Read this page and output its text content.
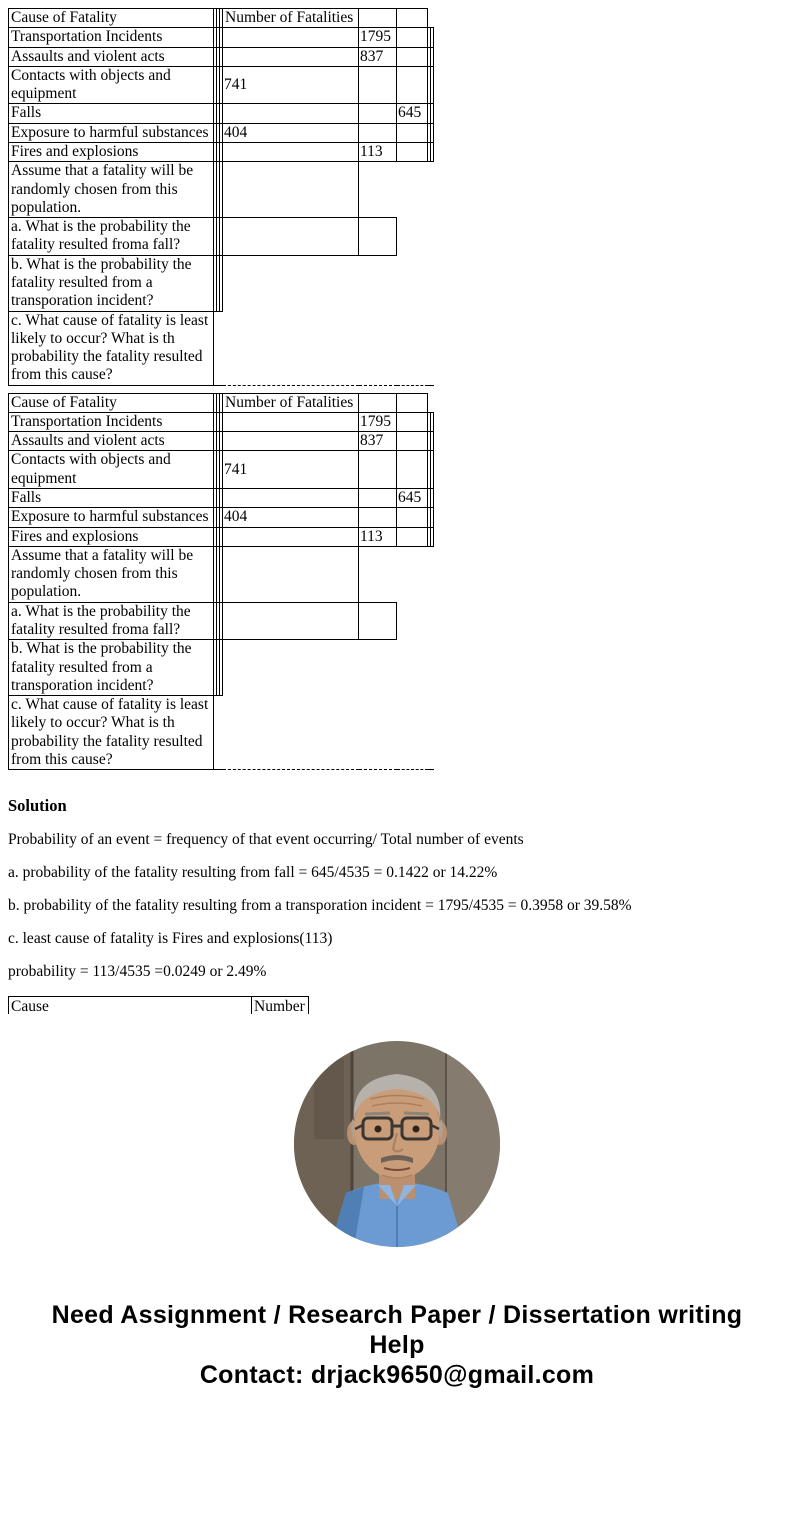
Cause of Fatality				Number of Fatalities				
Transportation Incidents					1795			
Assaults and violent acts					837			
Contacts with objects and equipment				741				
Falls						645		
Exposure to harmful substances				404				
Fires and explosions					113			
Assume that a fatality will be randomly chosen from this population.								
a. What is the probability the fatality resulted froma fall?								
b. What is the probability the fatality resulted from a transporation incident?								
c. What cause of fatality is least likely to occur? What is th probability the fatality resulted from this cause?								
Cause of Fatality				Number of Fatalities				
Transportation Incidents					1795			
Assaults and violent acts					837			
Contacts with objects and equipment				741				
Falls						645		
Exposure to harmful substances				404				
Fires and explosions					113			
Assume that a fatality will be randomly chosen from this population.								
a. What is the probability the fatality resulted froma fall?								
b. What is the probability the fatality resulted from a transporation incident?								
c. What cause of fatality is least likely to occur? What is th probability the fatality resulted from this cause?								
Solution

Probability of an event = frequency of that event occurring/ Total number of events

a. probability of the fatality resulting from fall = 645/4535 = 0.1422 or 14.22%

b. probability of the fatality resulting from a transporation incident = 1795/4535 = 0.3958 or 39.58%

c. least cause of fatality is Fires and explosions(113)

probability = 113/4535 =0.0249 or 2.49%

Cause	Number
Need Assignment / Research Paper / Dissertation writing Help
Contact: drjack9650@gmail.com
